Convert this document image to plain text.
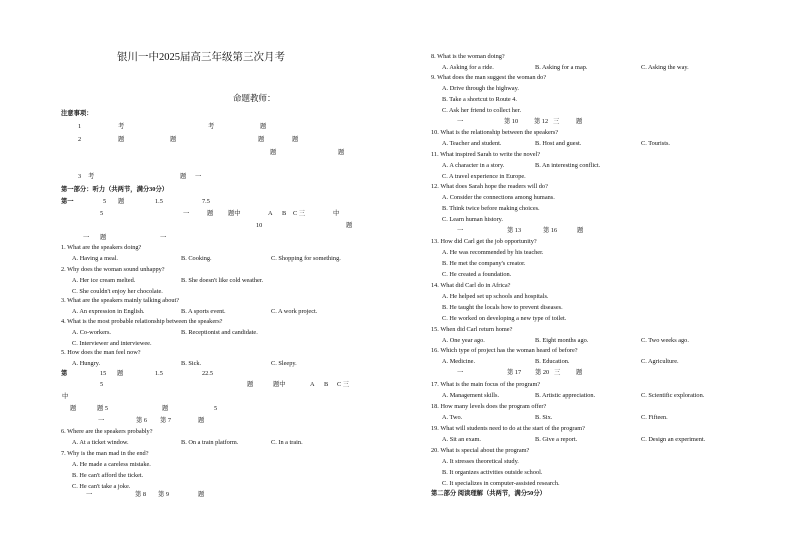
银川一中2025届高三年级第三次月考
命题教师：
注意事项：
第一部分：听力（共两节，满分30分）
第二部分 阅读理解（共两节，满分50分）
1	考	考	题
2	题	题	题	题
题	题
3 考	题 一
第一	5 题	1.5	7.5
5	一	题 题中	A B C 三	中
10	题
一 题	一
1. What are the speakers doing?
A. Having a meal.	B. Cooking.	C. Shopping for something.
2. Why does the woman sound unhappy?
A. Her ice cream melted.	B. She doesn't like cold weather.
C. She couldn't enjoy her chocolate.
3. What are the speakers mainly talking about?
A. An expression in English.	B. A sports event.	C. A work project.
4. What is the most probable relationship between the speakers?
A. Co-workers.	B. Receptionist and candidate.
C. Interviewer and interviewee.
5. How does the man feel now?
A. Hungry.	B. Sick.	C. Sleepy.
第	15 题	1.5	22.5
5	题	题中	A B C 三
中
题	题 5	题	5
一	第 6 第 7	题
6. Where are the speakers probably?
A. At a ticket window.	B. On a train platform.	C. In a train.
7. Why is the man mad in the end?
A. He made a careless mistake.
B. He can't afford the ticket.
C. He can't take a joke.
一	第 8 第 9	题
8. What is the woman doing?
A. Asking for a ride.	B. Asking for a map.	C. Asking the way.
9. What does the man suggest the woman do?
A. Drive through the highway.
B. Take a shortcut to Route 4.
C. Ask her friend to collect her.
10. What is the relationship between the speakers?
A. Teacher and student.	B. Host and guest.	C. Tourists.
11. What inspired Sarah to write the novel?
A. A character in a story.	B. An interesting conflict.
C. A travel experience in Europe.
12. What does Sarah hope the readers will do?
A. Consider the connections among humans.
B. Think twice before making choices.
C. Learn human history.
13. How did Carl get the job opportunity?
A. He was recommended by his teacher.
B. He met the company's creator.
C. He created a foundation.
14. What did Carl do in Africa?
A. He helped set up schools and hospitals.
B. He taught the locals how to prevent diseases.
C. He worked on developing a new type of toilet.
15. When did Carl return home?
A. One year ago.	B. Eight months ago.	C. Two weeks ago.
16. Which type of project has the woman heard of before?
A. Medicine.	B. Education.	C. Agriculture.
17. What is the main focus of the program?
A. Management skills.	B. Artistic appreciation.	C. Scientific exploration.
18. How many levels does the program offer?
A. Two.	B. Six.	C. Fifteen.
19. What will students need to do at the start of the program?
A. Sit an exam.	B. Give a report.	C. Design an experiment.
20. What is special about the program?
A. It stresses theoretical study.
B. It organizes activities outside school.
C. It specializes in computer-assisted research.
一	第 10	第 12 三	题
一	第 13	第 16	题
一	第 17 第 20 三 题
